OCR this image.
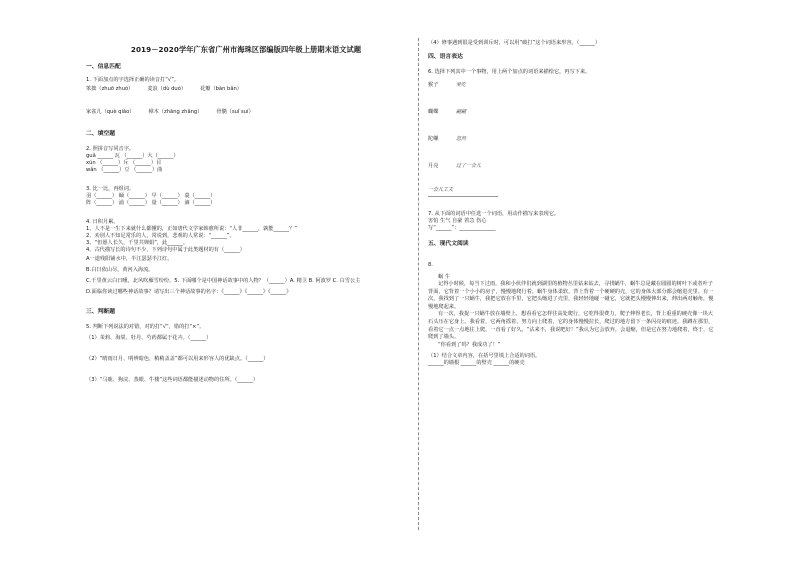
2019－2020学年广东省广州市海珠区部编版四年级上册期末语文试题
一、信息匹配
1. 下面加点的字选择正确的读音打“√”。
笨拙（zhuō zhuó）	麦浪（dù duó）	花瓣（bàn bǎn）
家雀儿（què qiǎo）	樟木（zhāng zhǎng）	骨髓（suǐ suí）
二、填空题
2. 照拼音写同音字。
guǎ ______ 瓦 （______）大（______）
xún （______）斥 （______）目
wǎn （______）豆 （______）曲
3. 比一比，再组词。
羽（______） 蛹（______） 早（______） 蓑（______）
阵（______） 浦（______） 量（______） 滴（______）
4. 日积月累。
1、人不是一生下来就什么都懂的，正如唐代文学家韩愈所说：“人非______，孰能______？”
2、劝别人不知足常乐的人，常说到，悲观的人常说：“______”。
3、“但愿人长久，千里共婵娟”，此______。
4、古代描写长的诗句不少，下列诗句中属于此类题材的有（______）
A一道残阳铺水中，半江瑟瑟半江红。
B.白日依山尽，黄河入海流。
C.千里黄云白日曛，北风吹雁雪纷纷。5. 下面哪个是中国神话故事中的人物？（______）A. 精卫 B. 阿波罗 C. 白雪公主
D.面临你读过哪些神话故事？请写出三个神话故事的名字：《______》《______》《______》
三、判断题
5. 判断下列说法的对错，对的打“√”，错的打“×”。
（1）茉莉、海棠、牡丹、芍药都属于花卉。（______）
（2）“晴雨日月、明辨暗色，稍稍盖盖”都可以用来形容人的优缺点。（______）
（3）“马鹿、狗浣、蒸眼、牛楼”这些词语都能描述动物的住所。（______）
（4）修事遇到很是受到训斥时，可以用“破打”这个词语来形容。（______）
四、语言表达
6. 选择下列其中一个事物，用上两个加点的词语来描绘它，再写下来。
猴子	爱吃
蝴蝶	翩翩
陀螺	忽然
月亮	过了一会儿
一会儿工夫
7. 从下面的词语中任选一个词语，用动作描写来表现它。
害怕 生气 自豪 着急 伤心
写“______”： ______________
五、现代文阅读
8.
蜗 牛
记得小时候，每当下过雨，我和小伙伴们就到湖里的植物丛里钻来钻去，寻找蜗牛，蜗牛总是藏在圆圆的树叶下或者叶子背面，它背着一个小小的房子，慢慢地爬行着。蜗牛身体柔软，背上背着一个硬硬的壳，它的身体大部分都会缩进壳里。有一次，我找到了一只蜗牛，我把它放在手里，它把头缩进了壳里，我轻轻地碰一碰它，它就把头慢慢伸出来，伸出两对触角，慢慢地爬起来。
有一次，我捉一只蜗牛放在墙壁上，想看看它怎样往高处爬行，它吃得很费力，爬子伸得老长，背上重重的硬壳像一块大石头压在它身上。我看着，它两角摇着，努力向上爬着，它的身体慢慢拉长，爬过的地方留下一条闪亮的痕迹。我蹲在那里，看着它一点一点地往上爬，一直看了好久。“沾来不，我说吧好！”我认为它会放弃，会退缩，但是它在努力地爬着，终于，它爬到了墙头。
“你看到了吗？我成功了！”
（1）结合文章内容，在括号里填上合适的词语。
______的墙根 ______的壁壳 ______的硬壳
